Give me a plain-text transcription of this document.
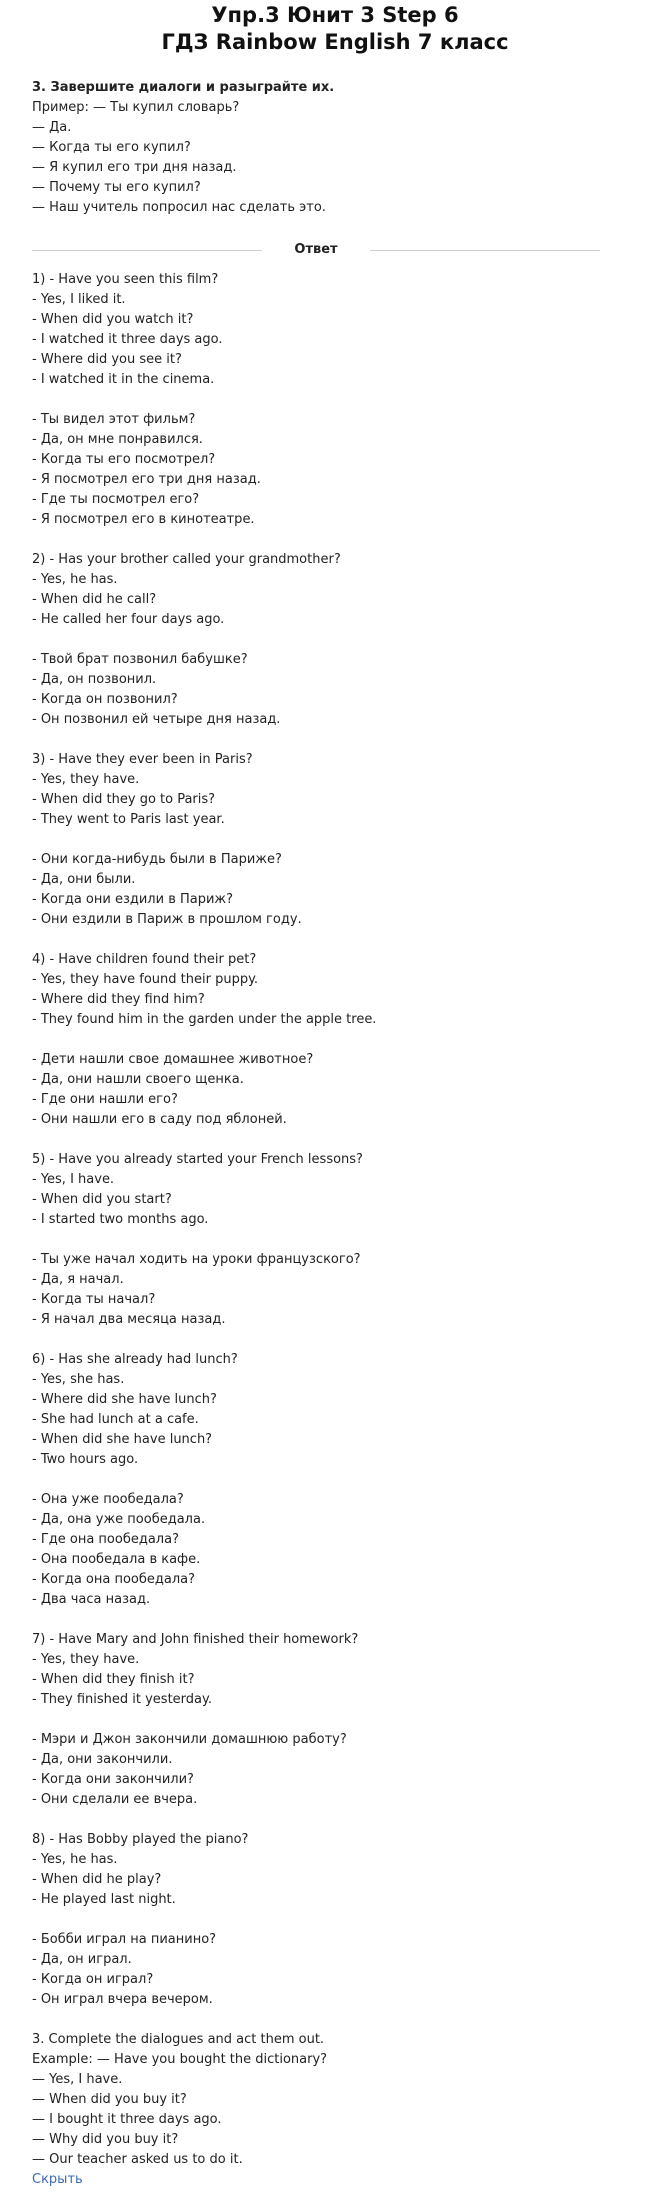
Упр.3 Юнит 3 Step 6
ГДЗ Rainbow English 7 класс
3. Завершите диалоги и разыграйте их.
Пример: — Ты купил словарь?
— Да.
— Когда ты его купил?
— Я купил его три дня назад.
— Почему ты его купил?
— Наш учитель попросил нас сделать это.
Ответ
1) - Have you seen this film?
- Yes, I liked it.
- When did you watch it?
- I watched it three days ago.
- Where did you see it?
- I watched it in the cinema.
- Ты видел этот фильм?
- Да, он мне понравился.
- Когда ты его посмотрел?
- Я посмотрел его три дня назад.
- Где ты посмотрел его?
- Я посмотрел его в кинотеатре.
2) - Has your brother called your grandmother?
- Yes, he has.
- When did he call?
- He called her four days ago.
- Твой брат позвонил бабушке?
- Да, он позвонил.
- Когда он позвонил?
- Он позвонил ей четыре дня назад.
3) - Have they ever been in Paris?
- Yes, they have.
- When did they go to Paris?
- They went to Paris last year.
- Они когда-нибудь были в Париже?
- Да, они были.
- Когда они ездили в Париж?
- Они ездили в Париж в прошлом году.
4) - Have children found their pet?
- Yes, they have found their puppy.
- Where did they find him?
- They found him in the garden under the apple tree.
- Дети нашли свое домашнее животное?
- Да, они нашли своего щенка.
- Где они нашли его?
- Они нашли его в саду под яблоней.
5) - Have you already started your French lessons?
- Yes, I have.
- When did you start?
- I started two months ago.
- Ты уже начал ходить на уроки французского?
- Да, я начал.
- Когда ты начал?
- Я начал два месяца назад.
6) - Has she already had lunch?
- Yes, she has.
- Where did she have lunch?
- She had lunch at a cafe.
- When did she have lunch?
- Two hours ago.
- Она уже пообедала?
- Да, она уже пообедала.
- Где она пообедала?
- Она пообедала в кафе.
- Когда она пообедала?
- Два часа назад.
7) - Have Mary and John finished their homework?
- Yes, they have.
- When did they finish it?
- They finished it yesterday.
- Мэри и Джон закончили домашнюю работу?
- Да, они закончили.
- Когда они закончили?
- Они сделали ее вчера.
8) - Has Bobby played the piano?
- Yes, he has.
- When did he play?
- He played last night.
- Бобби играл на пианино?
- Да, он играл.
- Когда он играл?
- Он играл вчера вечером.
3. Complete the dialogues and act them out.
Example: — Have you bought the dictionary?
— Yes, I have.
— When did you buy it?
— I bought it three days ago.
— Why did you buy it?
— Our teacher asked us to do it.
Скрыть
